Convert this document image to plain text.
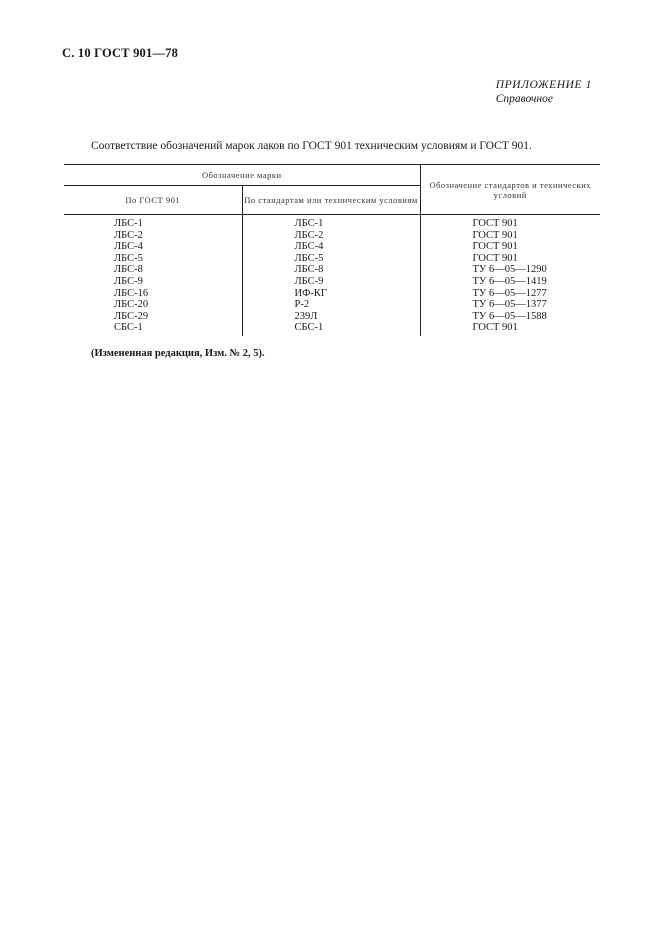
С. 10 ГОСТ 901—78
ПРИЛОЖЕНИЕ 1
Справочное
Соответствие обозначений марок лаков по ГОСТ 901 техническим условиям и ГОСТ 901.
Обозначение марки		Обозначение стандартов и технических условий
По ГОСТ 901	По стандартам или техническим условиям	
ЛБС-1	ЛБС-1	ГОСТ 901
ЛБС-2	ЛБС-2	ГОСТ 901
ЛБС-4	ЛБС-4	ГОСТ 901
ЛБС-5	ЛБС-5	ГОСТ 901
ЛБС-8	ЛБС-8	ТУ 6—05—1290
ЛБС-9	ЛБС-9	ТУ 6—05—1419
ЛБС-16	ИФ-КГ	ТУ 6—05—1277
ЛБС-20	Р-2	ТУ 6—05—1377
ЛБС-29	239Л	ТУ 6—05—1588
СБС-1	СБС-1	ГОСТ 901
(Измененная редакция, Изм. № 2, 5).
